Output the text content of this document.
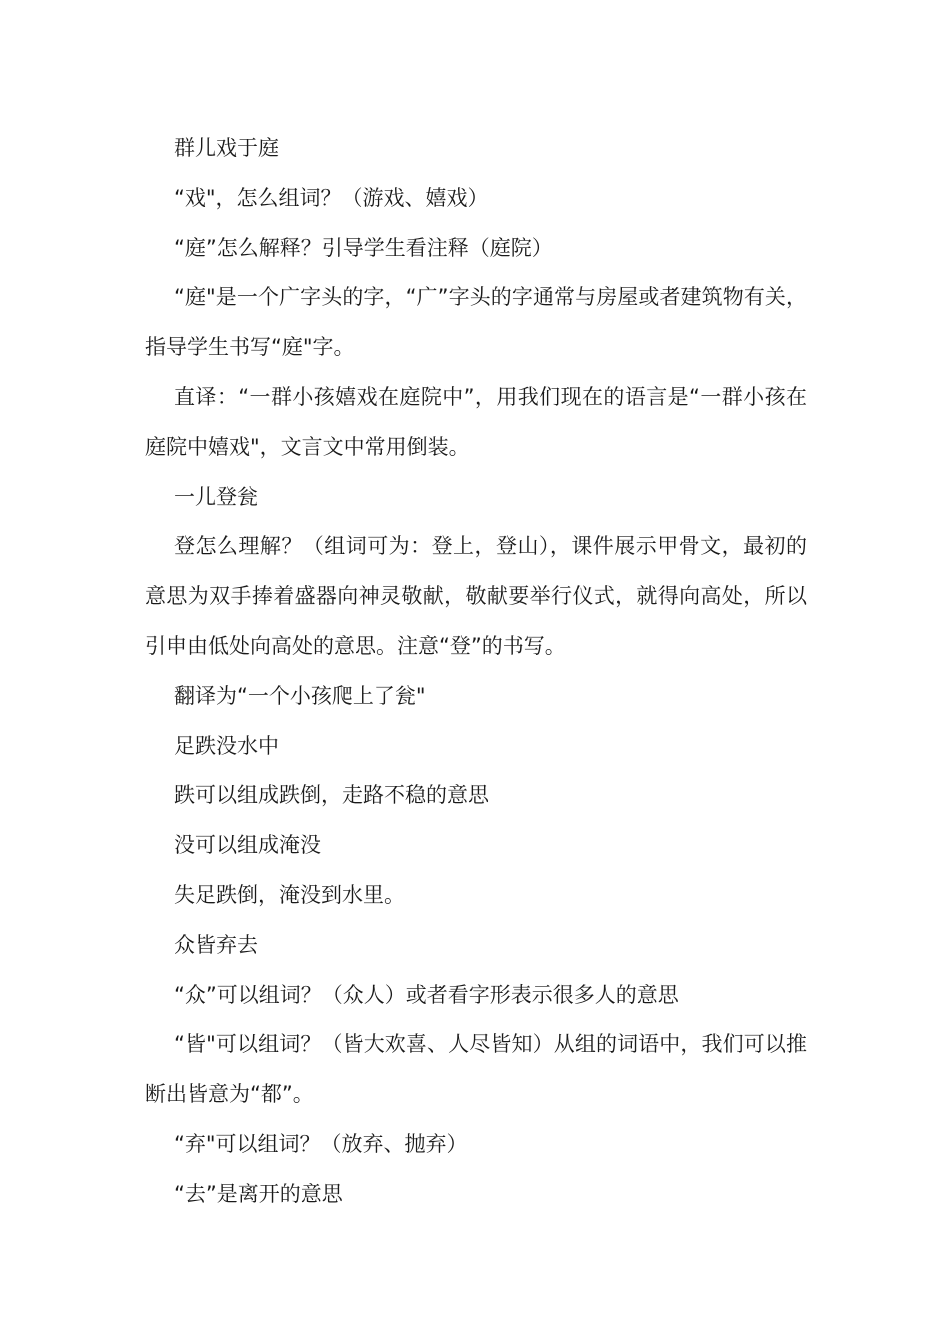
群儿戏于庭

“戏"，怎么组词？（游戏、嬉戏）

“庭”怎么解释？引导学生看注释（庭院）

“庭"是一个广字头的字，“广”字头的字通常与房屋或者建筑物有关，指导学生书写“庭"字。

直译：“一群小孩嬉戏在庭院中”，用我们现在的语言是“一群小孩在庭院中嬉戏"，文言文中常用倒装。

一儿登瓮

登怎么理解？（组词可为：登上，登山），课件展示甲骨文，最初的意思为双手捧着盛器向神灵敬献，敬献要举行仪式，就得向高处，所以引申由低处向高处的意思。注意“登”的书写。

翻译为“一个小孩爬上了瓮"

足跌没水中

跌可以组成跌倒，走路不稳的意思

没可以组成淹没

失足跌倒，淹没到水里。

众皆弃去

“众”可以组词？（众人）或者看字形表示很多人的意思

“皆"可以组词？（皆大欢喜、人尽皆知）从组的词语中，我们可以推断出皆意为“都”。

“弃"可以组词？（放弃、抛弃）

“去”是离开的意思
